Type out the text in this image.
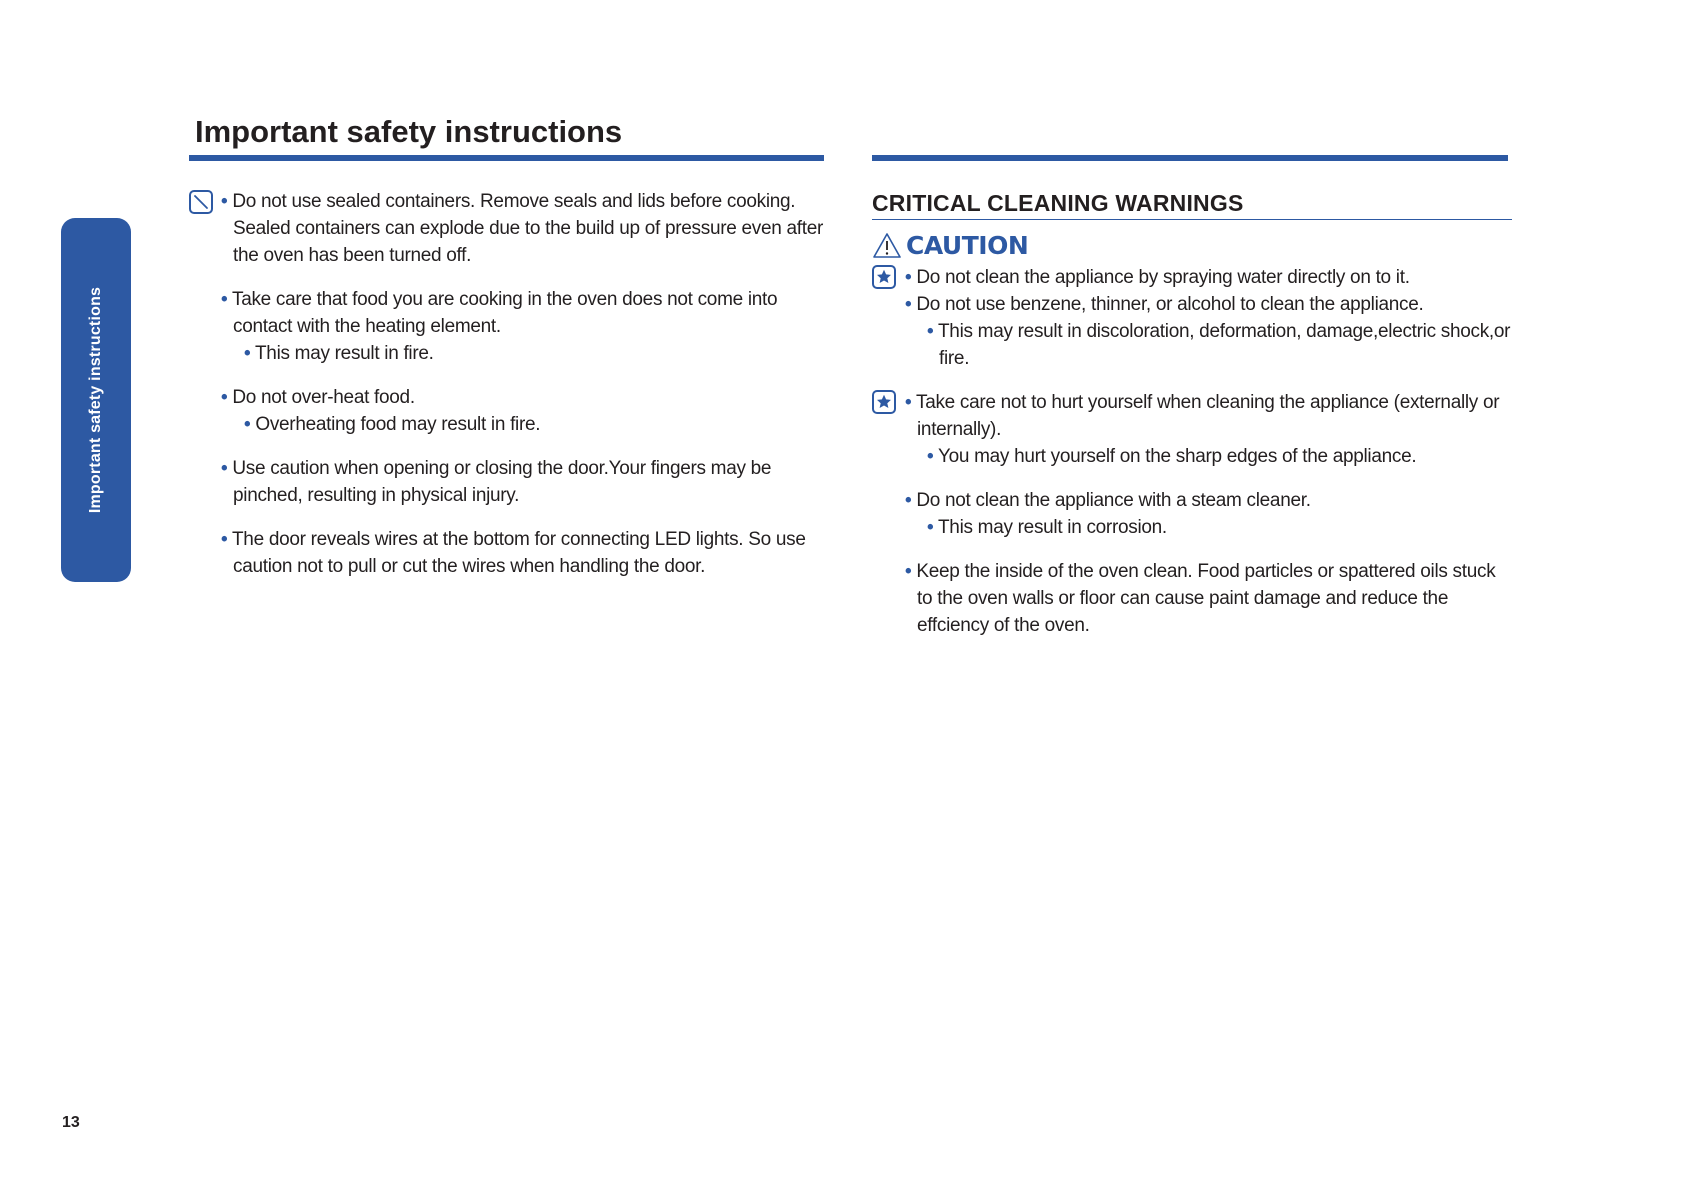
Important safety instructions
Important safety instructions
13
• Do not use sealed containers. Remove seals and lids before cooking. Sealed containers can explode due to the build up of pressure even after the oven has been turned off.
• Take care that food you are cooking in the oven does not come into contact with the heating element.
• This may result in fire.
• Do not over-heat food.
• Overheating food may result in fire.
• Use caution when opening or closing the door.Your fingers may be pinched, resulting in physical injury.
• The door reveals wires at the bottom for connecting LED lights. So use caution not to pull or cut the wires when handling the door.
CRITICAL CLEANING WARNINGS
CAUTION
• Do not clean the appliance by spraying water directly on to it.
• Do not use benzene, thinner, or alcohol to clean the appliance.
• This may result in discoloration, deformation, damage,electric shock,or fire.
• Take care not to hurt yourself when cleaning the appliance (externally or internally).
• You may hurt yourself on the sharp edges of the appliance.
• Do not clean the appliance with a steam cleaner.
• This may result in corrosion.
• Keep the inside of the oven clean. Food particles or spattered oils stuck to the oven walls or floor can cause paint damage and reduce the effciency of the oven.
